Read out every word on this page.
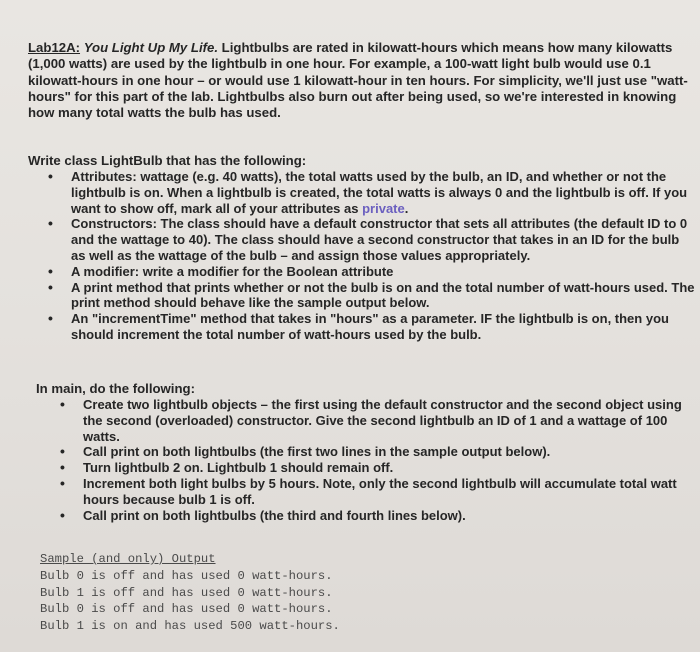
Lab12A: You Light Up My Life. Lightbulbs are rated in kilowatt-hours which means how many kilowatts (1,000 watts) are used by the lightbulb in one hour. For example, a 100-watt light bulb would use 0.1 kilowatt-hours in one hour – or would use 1 kilowatt-hour in ten hours. For simplicity, we'll just use "watt-hours" for this part of the lab. Lightbulbs also burn out after being used, so we're interested in knowing how many total watts the bulb has used.
Write class LightBulb that has the following:
• Attributes: wattage (e.g. 40 watts), the total watts used by the bulb, an ID, and whether or not the lightbulb is on. When a lightbulb is created, the total watts is always 0 and the lightbulb is off. If you want to show off, mark all of your attributes as private.
• Constructors: The class should have a default constructor that sets all attributes (the default ID to 0 and the wattage to 40). The class should have a second constructor that takes in an ID for the bulb as well as the wattage of the bulb – and assign those values appropriately.
• A modifier: write a modifier for the Boolean attribute
• A print method that prints whether or not the bulb is on and the total number of watt-hours used. The print method should behave like the sample output below.
• An "incrementTime" method that takes in "hours" as a parameter. IF the lightbulb is on, then you should increment the total number of watt-hours used by the bulb.
In main, do the following:
• Create two lightbulb objects – the first using the default constructor and the second object using the second (overloaded) constructor. Give the second lightbulb an ID of 1 and a wattage of 100 watts.
• Call print on both lightbulbs (the first two lines in the sample output below).
• Turn lightbulb 2 on. Lightbulb 1 should remain off.
• Increment both light bulbs by 5 hours. Note, only the second lightbulb will accumulate total watt hours because bulb 1 is off.
• Call print on both lightbulbs (the third and fourth lines below).
Sample (and only) Output
Bulb 0 is off and has used 0 watt-hours.
Bulb 1 is off and has used 0 watt-hours.
Bulb 0 is off and has used 0 watt-hours.
Bulb 1 is on and has used 500 watt-hours.
